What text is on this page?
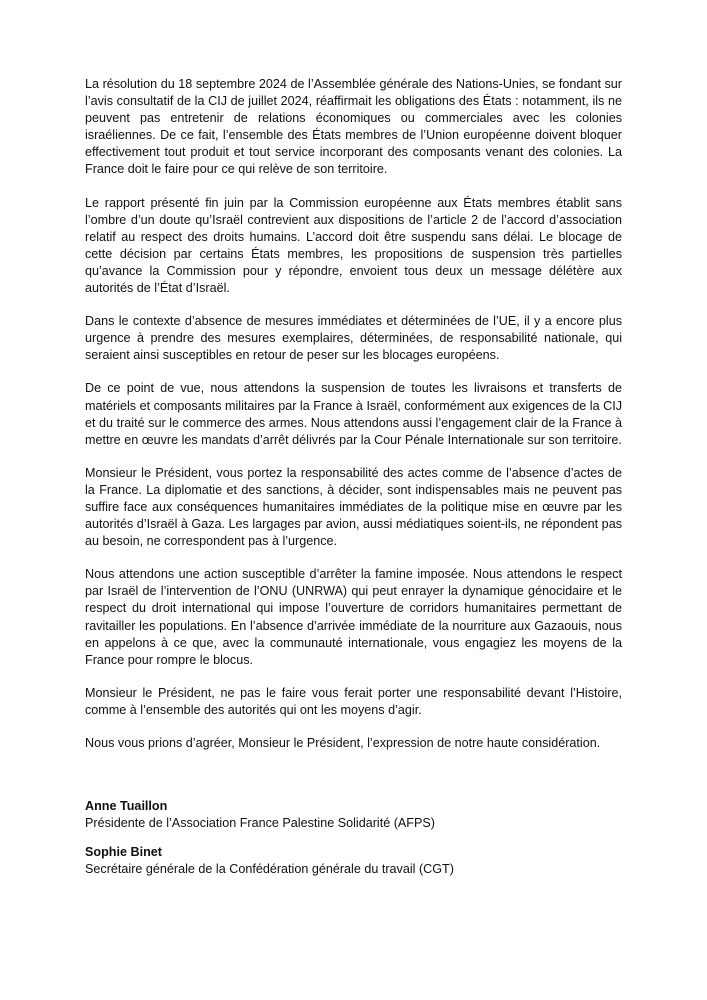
La résolution du 18 septembre 2024 de l’Assemblée générale des Nations-Unies, se fondant sur l’avis consultatif de la CIJ de juillet 2024, réaffirmait les obligations des États : notamment, ils ne peuvent pas entretenir de relations économiques ou commerciales avec les colonies israéliennes. De ce fait, l’ensemble des États membres de l’Union européenne doivent bloquer effectivement tout produit et tout service incorporant des composants venant des colonies. La France doit le faire pour ce qui relève de son territoire.

Le rapport présenté fin juin par la Commission européenne aux États membres établit sans l’ombre d’un doute qu’Israël contrevient aux dispositions de l’article 2 de l’accord d’association relatif au respect des droits humains. L’accord doit être suspendu sans délai. Le blocage de cette décision par certains États membres, les propositions de suspension très partielles qu’avance la Commission pour y répondre, envoient tous deux un message délétère aux autorités de l’État d’Israël.

Dans le contexte d’absence de mesures immédiates et déterminées de l’UE, il y a encore plus urgence à prendre des mesures exemplaires, déterminées, de responsabilité nationale, qui seraient ainsi susceptibles en retour de peser sur les blocages européens.

De ce point de vue, nous attendons la suspension de toutes les livraisons et transferts de matériels et composants militaires par la France à Israël, conformément aux exigences de la CIJ et du traité sur le commerce des armes. Nous attendons aussi l’engagement clair de la France à mettre en œuvre les mandats d’arrêt délivrés par la Cour Pénale Internationale sur son territoire.

Monsieur le Président, vous portez la responsabilité des actes comme de l’absence d’actes de la France. La diplomatie et des sanctions, à décider, sont indispensables mais ne peuvent pas suffire face aux conséquences humanitaires immédiates de la politique mise en œuvre par les autorités d’Israël à Gaza. Les largages par avion, aussi médiatiques soient-ils, ne répondent pas au besoin, ne correspondent pas à l’urgence.

Nous attendons une action susceptible d’arrêter la famine imposée. Nous attendons le respect par Israël de l’intervention de l’ONU (UNRWA) qui peut enrayer la dynamique génocidaire et le respect du droit international qui impose l’ouverture de corridors humanitaires permettant de ravitailler les populations. En l’absence d’arrivée immédiate de la nourriture aux Gazaouis, nous en appelons à ce que, avec la communauté internationale, vous engagiez les moyens de la France pour rompre le blocus.

Monsieur le Président, ne pas le faire vous ferait porter une responsabilité devant l’Histoire, comme à l’ensemble des autorités qui ont les moyens d’agir.

Nous vous prions d’agréer, Monsieur le Président, l’expression de notre haute considération.

Anne Tuaillon
Présidente de l’Association France Palestine Solidarité (AFPS)
Sophie Binet
Secrétaire générale de la Confédération générale du travail (CGT)
